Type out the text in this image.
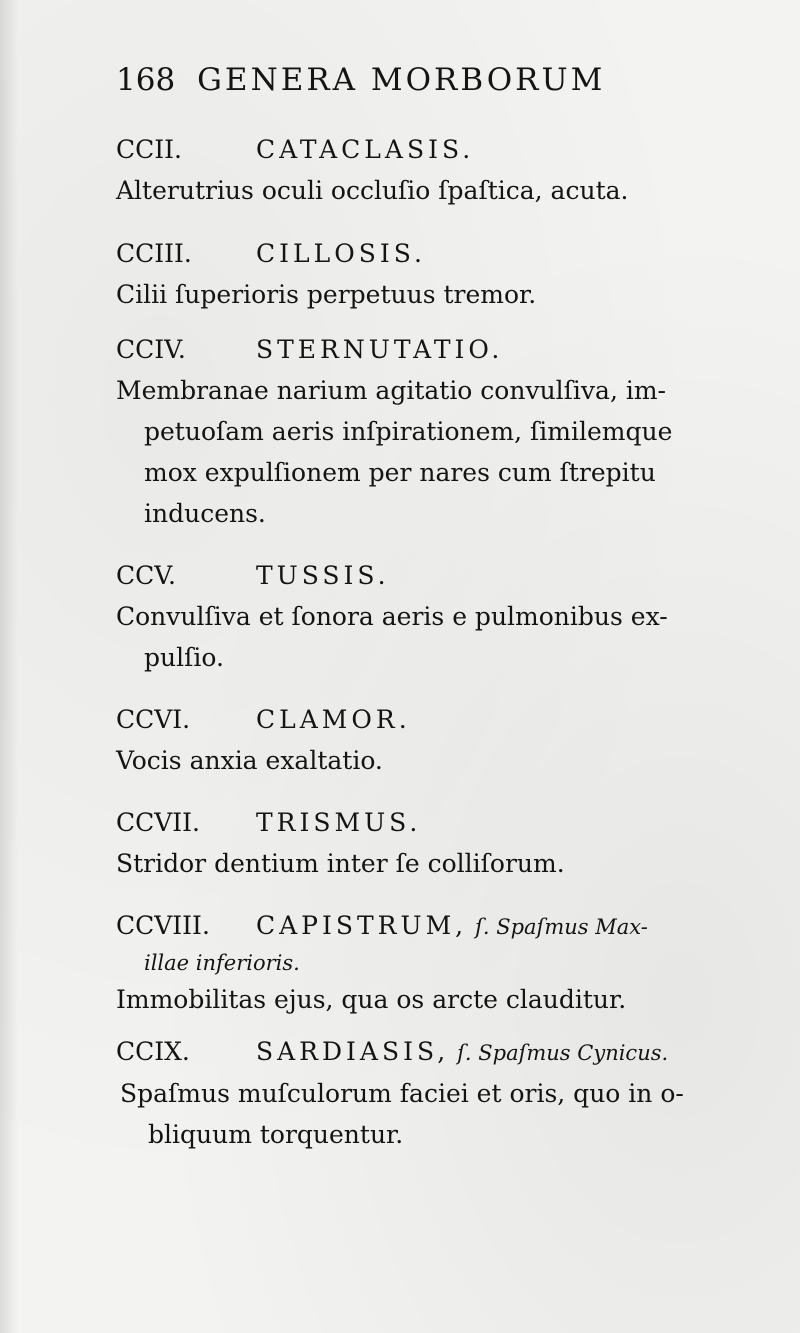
168 GENERA MORBORUM
CCII.	CATACLASIS.
Alterutrius oculi occluſio ſpaſtica, acuta.
CCIII.	CILLOSIS.
Cilii ſuperioris perpetuus tremor.
CCIV.	STERNUTATIO.
Membranae narium agitatio convulſiva, im-
petuoſam aeris inſpirationem, ſimilemque
mox expulſionem per nares cum ſtrepitu
inducens.
CCV.	TUSSIS.
Convulſiva et ſonora aeris e pulmonibus ex-
pulſio.
CCVI.	CLAMOR.
Vocis anxia exaltatio.
CCVII. TRISMUS.
Stridor dentium inter ſe colliſorum.
CCVIII. CAPISTRUM, ſ. Spaſmus Max-
illae inferioris.
Immobilitas ejus, qua os arcte clauditur.
CCIX.	SARDIASIS, ſ. Spaſmus Cynicus.
Spaſmus muſculorum faciei et oris, quo in o-
bliquum torquentur.
